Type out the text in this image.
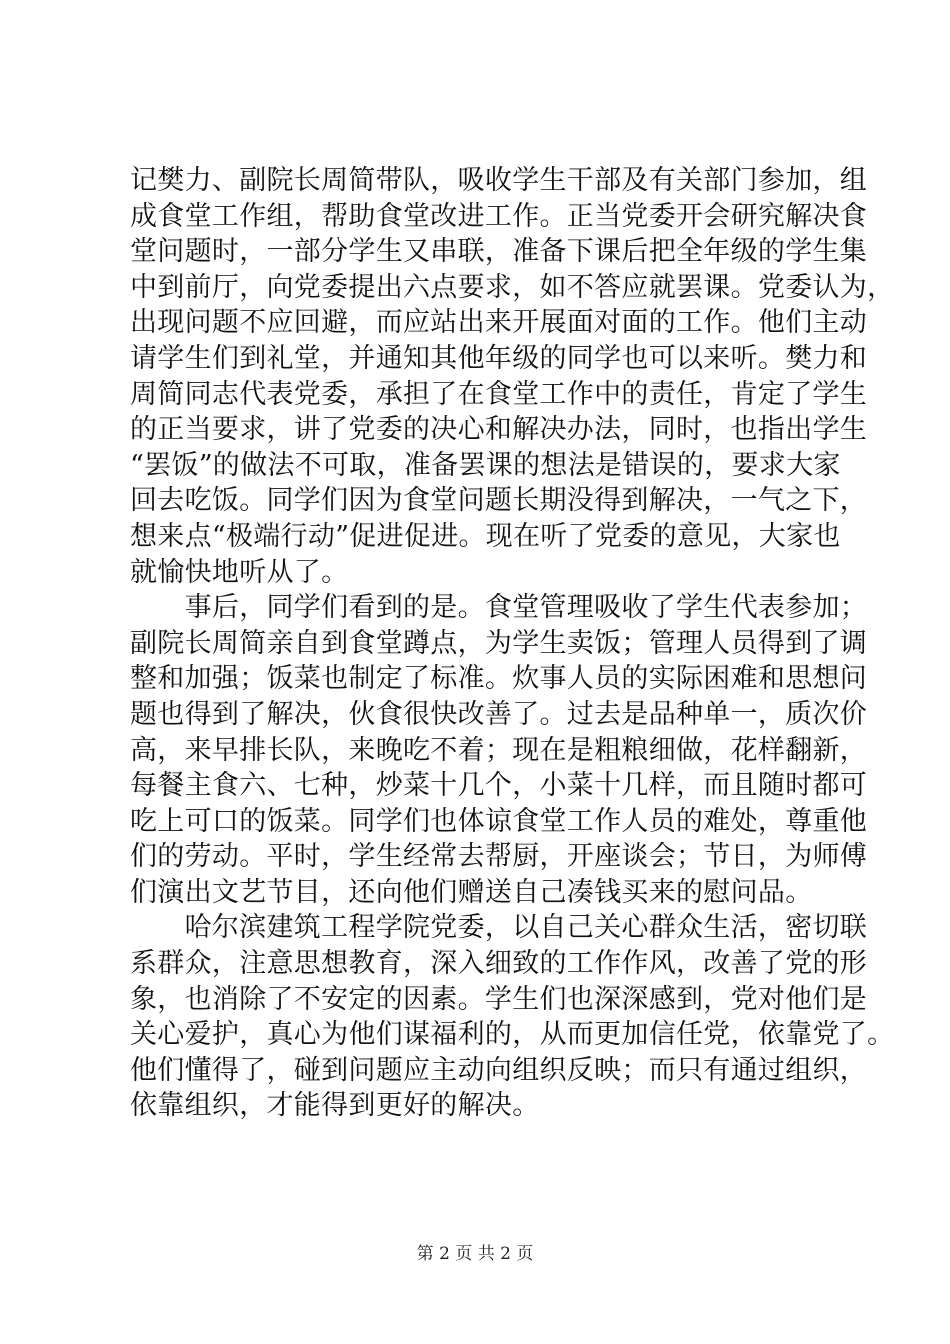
记樊力、副院长周简带队，吸收学生干部及有关部门参加，组
成食堂工作组，帮助食堂改进工作。正当党委开会研究解决食
堂问题时，一部分学生又串联，准备下课后把全年级的学生集
中到前厅，向党委提出六点要求，如不答应就罢课。党委认为，
出现问题不应回避，而应站出来开展面对面的工作。他们主动
请学生们到礼堂，并通知其他年级的同学也可以来听。樊力和
周简同志代表党委，承担了在食堂工作中的责任，肯定了学生
的正当要求，讲了党委的决心和解决办法，同时，也指出学生
“罢饭”的做法不可取，准备罢课的想法是错误的，要求大家
回去吃饭。同学们因为食堂问题长期没得到解决，一气之下，
想来点“极端行动”促进促进。现在听了党委的意见，大家也
就愉快地听从了。
　　事后，同学们看到的是。食堂管理吸收了学生代表参加；
副院长周简亲自到食堂蹲点，为学生卖饭；管理人员得到了调
整和加强；饭菜也制定了标准。炊事人员的实际困难和思想问
题也得到了解决，伙食很快改善了。过去是品种单一，质次价
高，来早排长队，来晚吃不着；现在是粗粮细做，花样翻新，
每餐主食六、七种，炒菜十几个，小菜十几样，而且随时都可
吃上可口的饭菜。同学们也体谅食堂工作人员的难处，尊重他
们的劳动。平时，学生经常去帮厨，开座谈会；节日，为师傅
们演出文艺节目，还向他们赠送自己凑钱买来的慰问品。
　　哈尔滨建筑工程学院党委，以自己关心群众生活，密切联
系群众，注意思想教育，深入细致的工作作风，改善了党的形
象，也消除了不安定的因素。学生们也深深感到，党对他们是
关心爱护，真心为他们谋福利的，从而更加信任党，依靠党了。
他们懂得了，碰到问题应主动向组织反映；而只有通过组织，
依靠组织，才能得到更好的解决。
第 2 页 共 2 页
